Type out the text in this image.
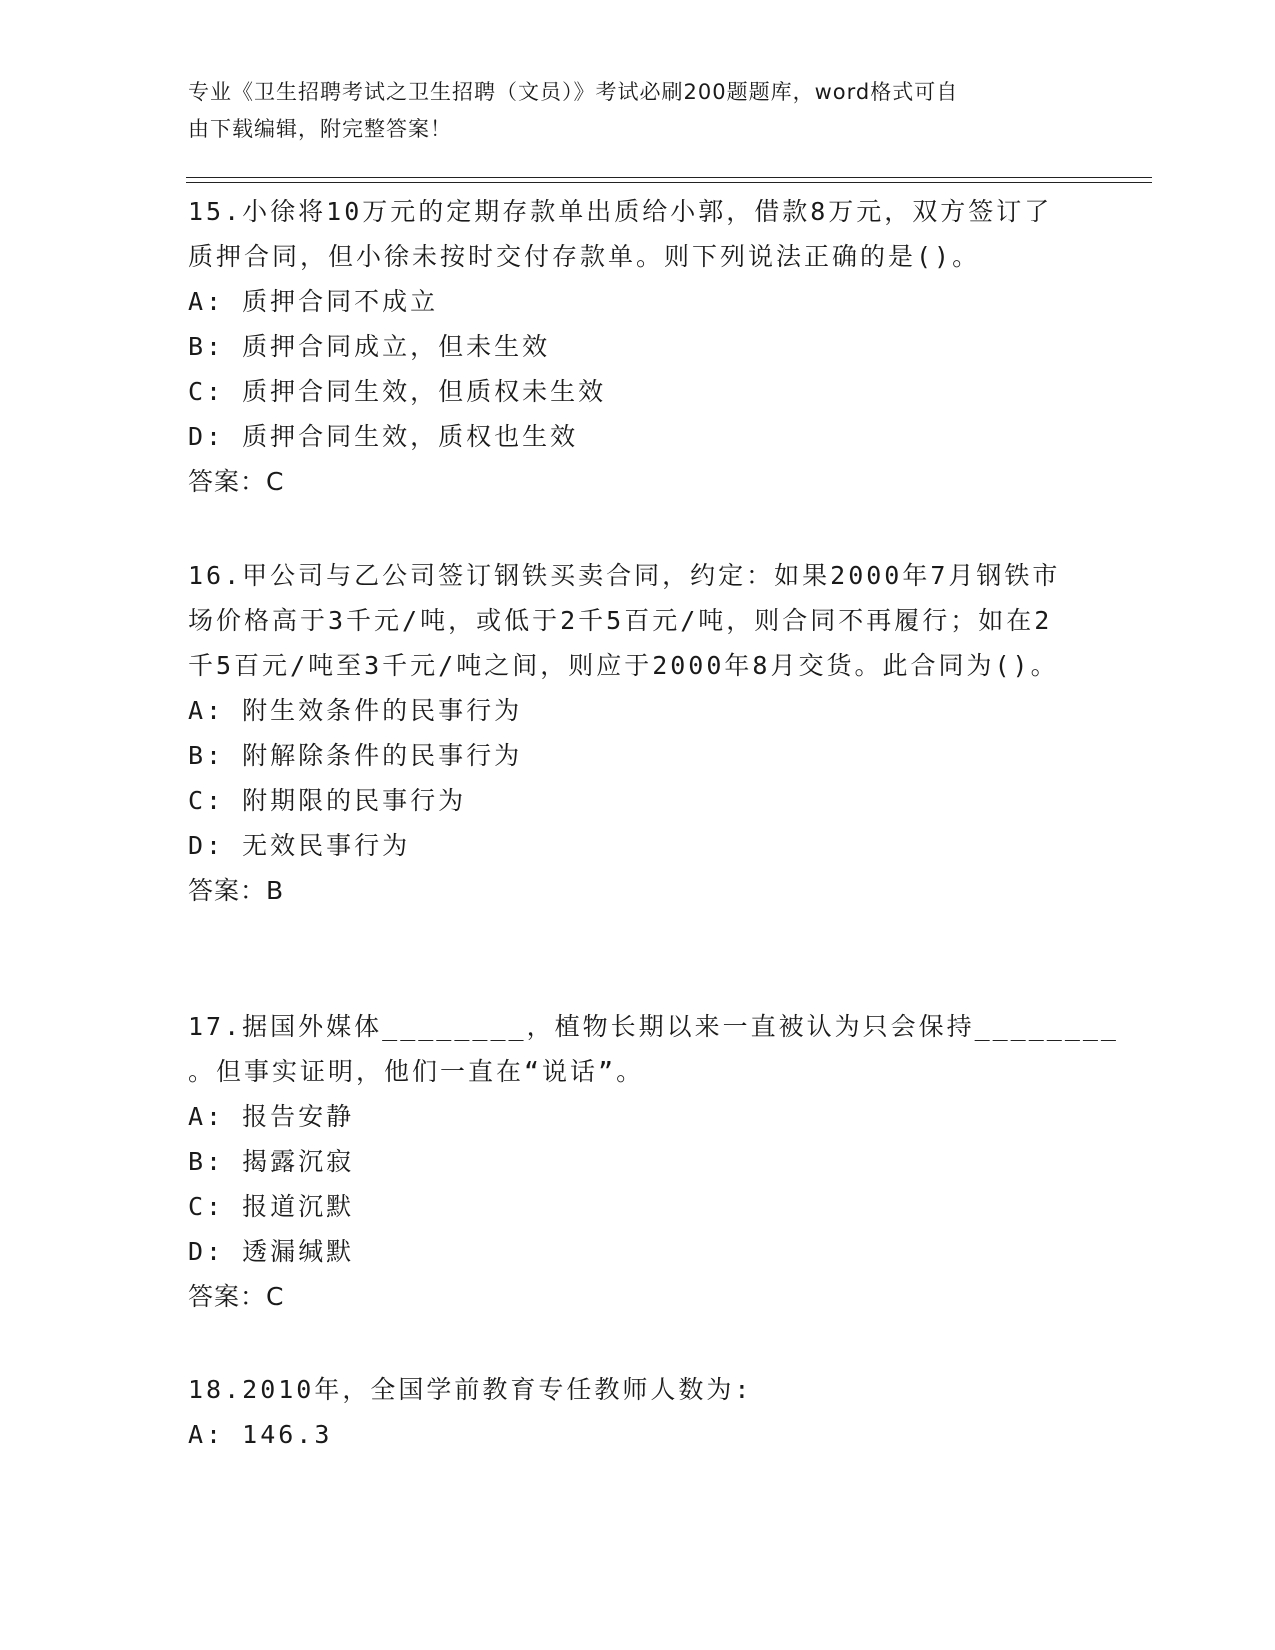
专业《卫生招聘考试之卫生招聘（文员）》考试必刷200题题库，word格式可自
由下载编辑，附完整答案！

15.小徐将10万元的定期存款单出质给小郭，借款8万元，双方签订了质押合同，但小徐未按时交付存款单。则下列说法正确的是()。

A: 质押合同不成立

B: 质押合同成立，但未生效

C: 质押合同生效，但质权未生效

D: 质押合同生效，质权也生效

答案：C

16.甲公司与乙公司签订钢铁买卖合同，约定：如果2000年7月钢铁市场价格高于3千元/吨，或低于2千5百元/吨，则合同不再履行；如在2千5百元/吨至3千元/吨之间，则应于2000年8月交货。此合同为()。

A: 附生效条件的民事行为

B: 附解除条件的民事行为

C: 附期限的民事行为

D: 无效民事行为

答案：B

17.据国外媒体________，植物长期以来一直被认为只会保持________

。但事实证明，他们一直在“说话”。

A: 报告安静

B: 揭露沉寂

C: 报道沉默

D: 透漏缄默

答案：C

18.2010年，全国学前教育专任教师人数为:

A: 146.3
